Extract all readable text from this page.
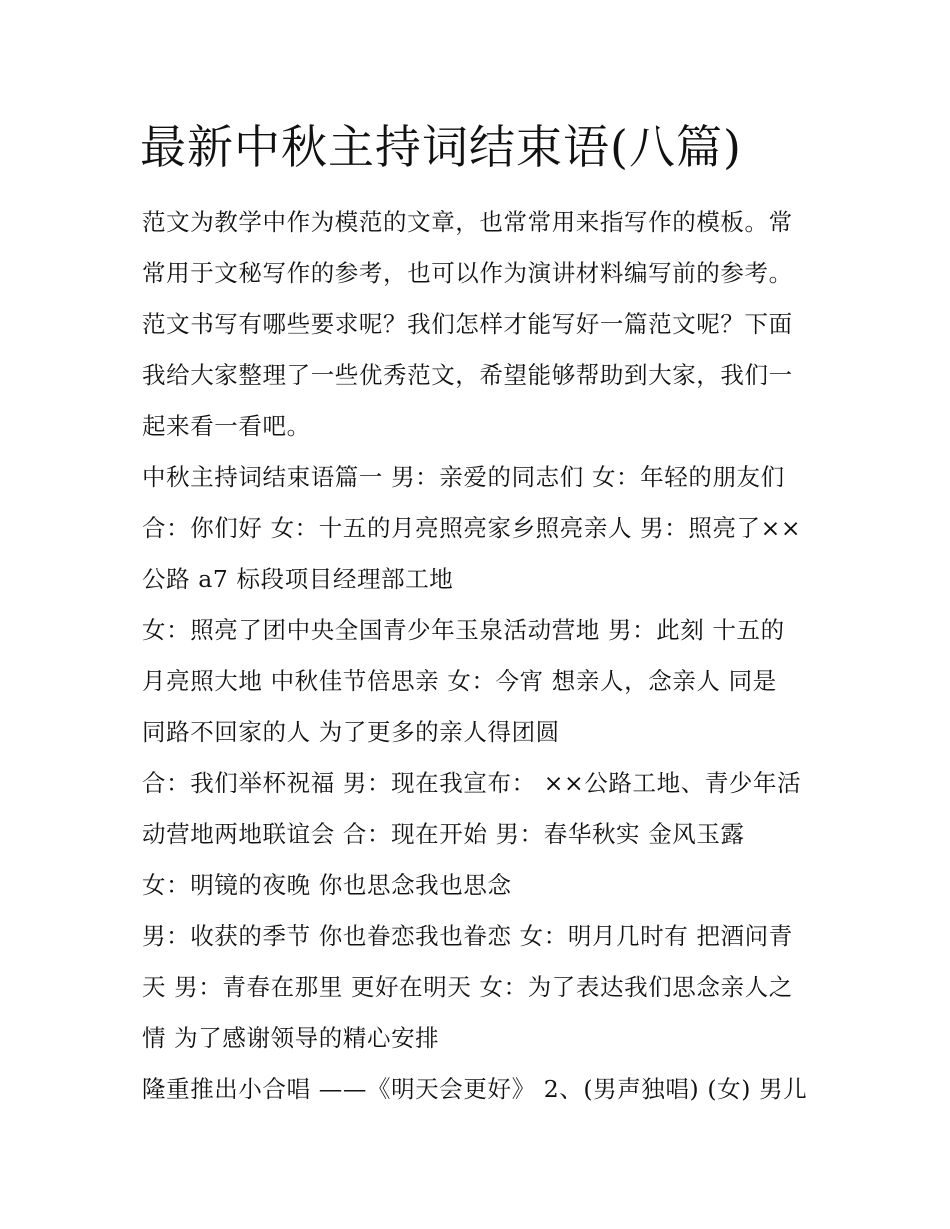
最新中秋主持词结束语(八篇)

范文为教学中作为模范的文章，也常常用来指写作的模板。常

常用于文秘写作的参考，也可以作为演讲材料编写前的参考。

范文书写有哪些要求呢？我们怎样才能写好一篇范文呢？下面

我给大家整理了一些优秀范文，希望能够帮助到大家，我们一

起来看一看吧。

中秋主持词结束语篇一 男：亲爱的同志们 女：年轻的朋友们

合：你们好 女：十五的月亮照亮家乡照亮亲人 男：照亮了××

公路 a7 标段项目经理部工地

女：照亮了团中央全国青少年玉泉活动营地 男：此刻 十五的

月亮照大地 中秋佳节倍思亲 女：今宵 想亲人，念亲人 同是

同路不回家的人 为了更多的亲人得团圆

合：我们举杯祝福 男：现在我宣布： ××公路工地、青少年活

动营地两地联谊会 合：现在开始 男：春华秋实 金风玉露

女：明镜的夜晚 你也思念我也思念

男：收获的季节 你也眷恋我也眷恋 女：明月几时有 把酒问青

天 男：青春在那里 更好在明天 女：为了表达我们思念亲人之

情 为了感谢领导的精心安排

隆重推出小合唱 ——《明天会更好》 2、(男声独唱) (女) 男儿
